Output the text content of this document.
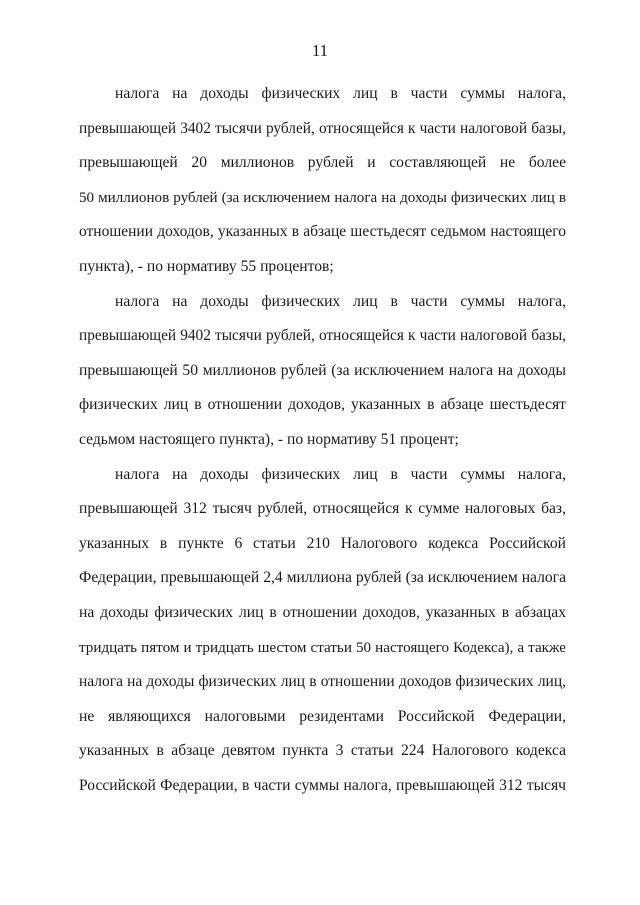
11
налога на доходы физических лиц в части суммы налога,
превышающей 3402 тысячи рублей, относящейся к части налоговой базы,
превышающей 20 миллионов рублей и составляющей не более
50 миллионов рублей (за исключением налога на доходы физических лиц в
отношении доходов, указанных в абзаце шестьдесят седьмом настоящего
пункта), - по нормативу 55 процентов;
налога на доходы физических лиц в части суммы налога,
превышающей 9402 тысячи рублей, относящейся к части налоговой базы,
превышающей 50 миллионов рублей (за исключением налога на доходы
физических лиц в отношении доходов, указанных в абзаце шестьдесят
седьмом настоящего пункта), - по нормативу 51 процент;
налога на доходы физических лиц в части суммы налога,
превышающей 312 тысяч рублей, относящейся к сумме налоговых баз,
указанных в пункте 6 статьи 210 Налогового кодекса Российской
Федерации, превышающей 2,4 миллиона рублей (за исключением налога
на доходы физических лиц в отношении доходов, указанных в абзацах
тридцать пятом и тридцать шестом статьи 50 настоящего Кодекса), а также
налога на доходы физических лиц в отношении доходов физических лиц,
не являющихся налоговыми резидентами Российской Федерации,
указанных в абзаце девятом пункта 3 статьи 224 Налогового кодекса
Российской Федерации, в части суммы налога, превышающей 312 тысяч
